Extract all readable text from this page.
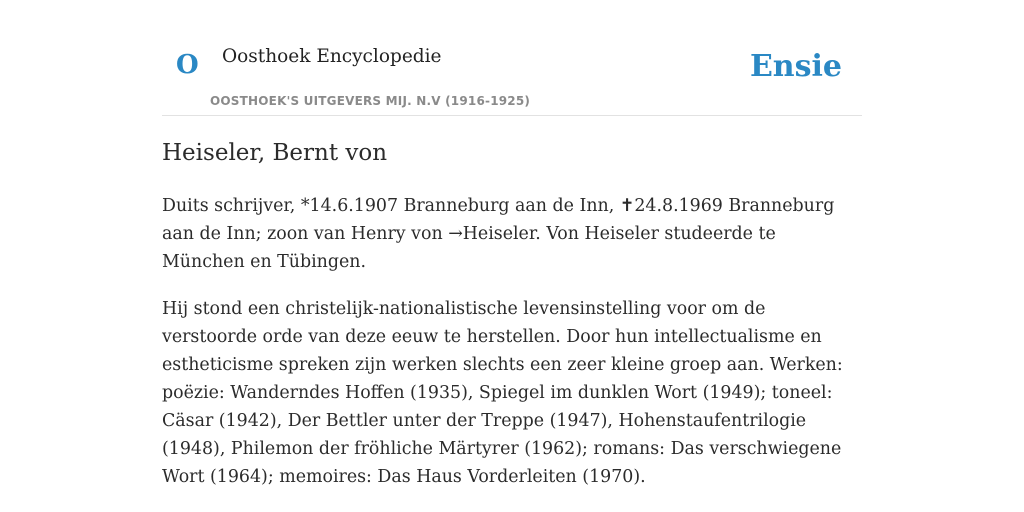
O Oosthoek Encyclopedie
OOSTHOEK'S UITGEVERS MIJ. N.V (1916-1925)
Ensie
Heiseler, Bernt von

Duits schrijver, *14.6.1907 Branneburg aan de Inn, ✝24.8.1969 Branneburg aan de Inn; zoon van Henry von →Heiseler. Von Heiseler studeerde te München en Tübingen.

Hij stond een christelijk-nationalistische levensinstelling voor om de verstoorde orde van deze eeuw te herstellen. Door hun intellectualisme en estheticisme spreken zijn werken slechts een zeer kleine groep aan. Werken: poëzie: Wanderndes Hoffen (1935), Spiegel im dunklen Wort (1949); toneel: Cäsar (1942), Der Bettler unter der Treppe (1947), Hohenstaufentrilogie (1948), Philemon der fröhliche Märtyrer (1962); romans: Das verschwiegene Wort (1964); memoires: Das Haus Vorderleiten (1970).
